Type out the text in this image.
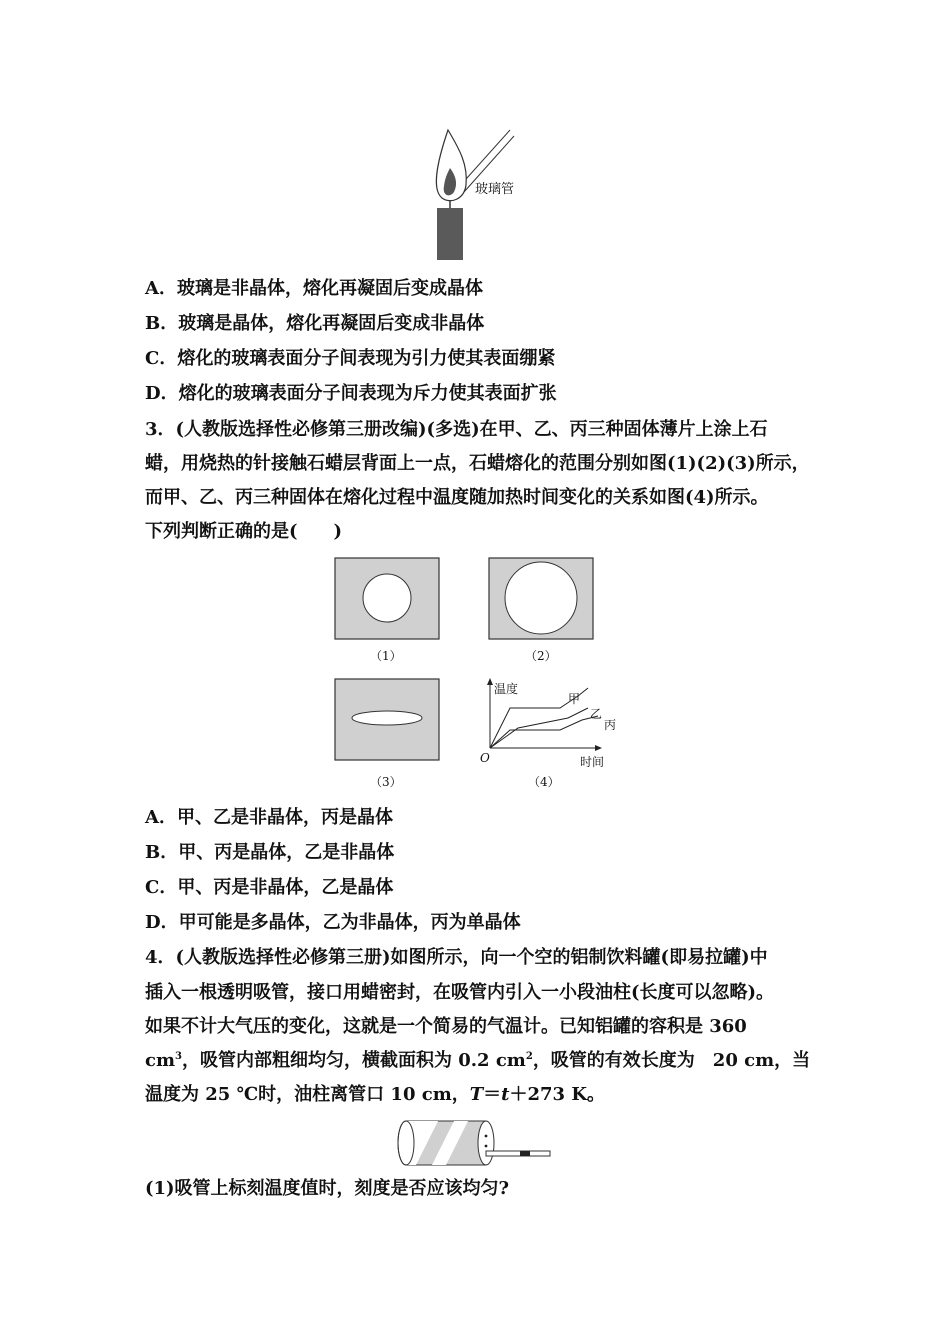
玻璃管
A．玻璃是非晶体，熔化再凝固后变成晶体
B．玻璃是晶体，熔化再凝固后变成非晶体
C．熔化的玻璃表面分子间表现为引力使其表面绷紧
D．熔化的玻璃表面分子间表现为斥力使其表面扩张
3．(人教版选择性必修第三册改编)(多选)在甲、乙、丙三种固体薄片上涂上石
蜡，用烧热的针接触石蜡层背面上一点，石蜡熔化的范围分别如图(1)(2)(3)所示，
而甲、乙、丙三种固体在熔化过程中温度随加热时间变化的关系如图(4)所示。
下列判断正确的是(　　)
（1）	（2）
（3）
温度
甲
乙
丙
O	时间
（4）
A．甲、乙是非晶体，丙是晶体
B．甲、丙是晶体，乙是非晶体
C．甲、丙是非晶体，乙是晶体
D．甲可能是多晶体，乙为非晶体，丙为单晶体
4．(人教版选择性必修第三册)如图所示，向一个空的铝制饮料罐(即易拉罐)中
插入一根透明吸管，接口用蜡密封，在吸管内引入一小段油柱(长度可以忽略)。
如果不计大气压的变化，这就是一个简易的气温计。已知铝罐的容积是 360
$cm^3$，吸管内部粗细均匀，横截面积为 0.2 $cm^2$，吸管的有效长度为　20 cm，当
温度为 25 ℃时，油柱离管口 10 cm，T＝t＋273 K。
(1)吸管上标刻温度值时，刻度是否应该均匀?
